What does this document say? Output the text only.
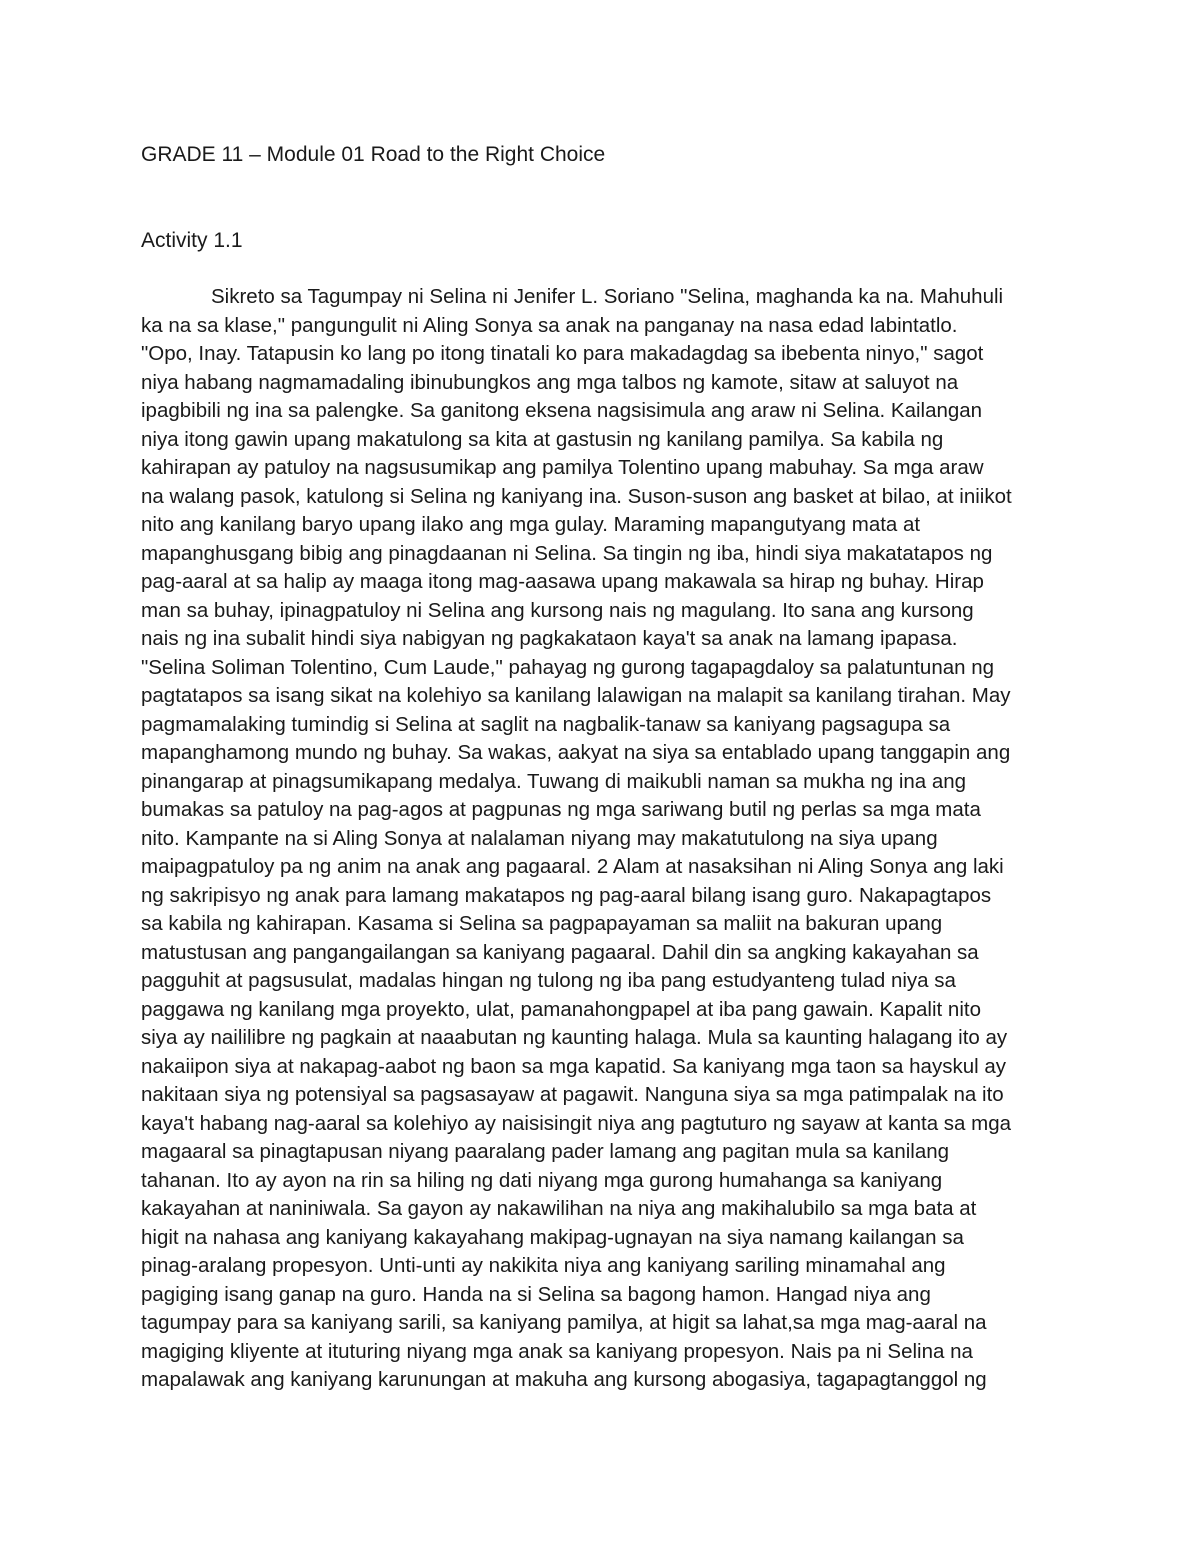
GRADE 11 – Module 01 Road to the Right Choice
Activity 1.1
Sikreto sa Tagumpay ni Selina ni Jenifer L. Soriano "Selina, maghanda ka na. Mahuhuli
ka na sa klase," pangungulit ni Aling Sonya sa anak na panganay na nasa edad labintatlo.
"Opo, Inay. Tatapusin ko lang po itong tinatali ko para makadagdag sa ibebenta ninyo," sagot
niya habang nagmamadaling ibinubungkos ang mga talbos ng kamote, sitaw at saluyot na
ipagbibili ng ina sa palengke. Sa ganitong eksena nagsisimula ang araw ni Selina. Kailangan
niya itong gawin upang makatulong sa kita at gastusin ng kanilang pamilya. Sa kabila ng
kahirapan ay patuloy na nagsusumikap ang pamilya Tolentino upang mabuhay. Sa mga araw
na walang pasok, katulong si Selina ng kaniyang ina. Suson-suson ang basket at bilao, at iniikot
nito ang kanilang baryo upang ilako ang mga gulay. Maraming mapangutyang mata at
mapanghusgang bibig ang pinagdaanan ni Selina. Sa tingin ng iba, hindi siya makatatapos ng
pag-aaral at sa halip ay maaga itong mag-aasawa upang makawala sa hirap ng buhay. Hirap
man sa buhay, ipinagpatuloy ni Selina ang kursong nais ng magulang. Ito sana ang kursong
nais ng ina subalit hindi siya nabigyan ng pagkakataon kaya't sa anak na lamang ipapasa.
"Selina Soliman Tolentino, Cum Laude," pahayag ng gurong tagapagdaloy sa palatuntunan ng
pagtatapos sa isang sikat na kolehiyo sa kanilang lalawigan na malapit sa kanilang tirahan. May
pagmamalaking tumindig si Selina at saglit na nagbalik-tanaw sa kaniyang pagsagupa sa
mapanghamong mundo ng buhay. Sa wakas, aakyat na siya sa entablado upang tanggapin ang
pinangarap at pinagsumikapang medalya. Tuwang di maikubli naman sa mukha ng ina ang
bumakas sa patuloy na pag-agos at pagpunas ng mga sariwang butil ng perlas sa mga mata
nito. Kampante na si Aling Sonya at nalalaman niyang may makatutulong na siya upang
maipagpatuloy pa ng anim na anak ang pagaaral. 2 Alam at nasaksihan ni Aling Sonya ang laki
ng sakripisyo ng anak para lamang makatapos ng pag-aaral bilang isang guro. Nakapagtapos
sa kabila ng kahirapan. Kasama si Selina sa pagpapayaman sa maliit na bakuran upang
matustusan ang pangangailangan sa kaniyang pagaaral. Dahil din sa angking kakayahan sa
pagguhit at pagsusulat, madalas hingan ng tulong ng iba pang estudyanteng tulad niya sa
paggawa ng kanilang mga proyekto, ulat, pamanahongpapel at iba pang gawain. Kapalit nito
siya ay naililibre ng pagkain at naaabutan ng kaunting halaga. Mula sa kaunting halagang ito ay
nakaiipon siya at nakapag-aabot ng baon sa mga kapatid. Sa kaniyang mga taon sa hayskul ay
nakitaan siya ng potensiyal sa pagsasayaw at pagawit. Nanguna siya sa mga patimpalak na ito
kaya't habang nag-aaral sa kolehiyo ay naisisingit niya ang pagtuturo ng sayaw at kanta sa mga
magaaral sa pinagtapusan niyang paaralang pader lamang ang pagitan mula sa kanilang
tahanan. Ito ay ayon na rin sa hiling ng dati niyang mga gurong humahanga sa kaniyang
kakayahan at naniniwala. Sa gayon ay nakawilihan na niya ang makihalubilo sa mga bata at
higit na nahasa ang kaniyang kakayahang makipag-ugnayan na siya namang kailangan sa
pinag-aralang propesyon. Unti-unti ay nakikita niya ang kaniyang sariling minamahal ang
pagiging isang ganap na guro. Handa na si Selina sa bagong hamon. Hangad niya ang
tagumpay para sa kaniyang sarili, sa kaniyang pamilya, at higit sa lahat,sa mga mag-aaral na
magiging kliyente at ituturing niyang mga anak sa kaniyang propesyon. Nais pa ni Selina na
mapalawak ang kaniyang karunungan at makuha ang kursong abogasiya, tagapagtanggol ng
